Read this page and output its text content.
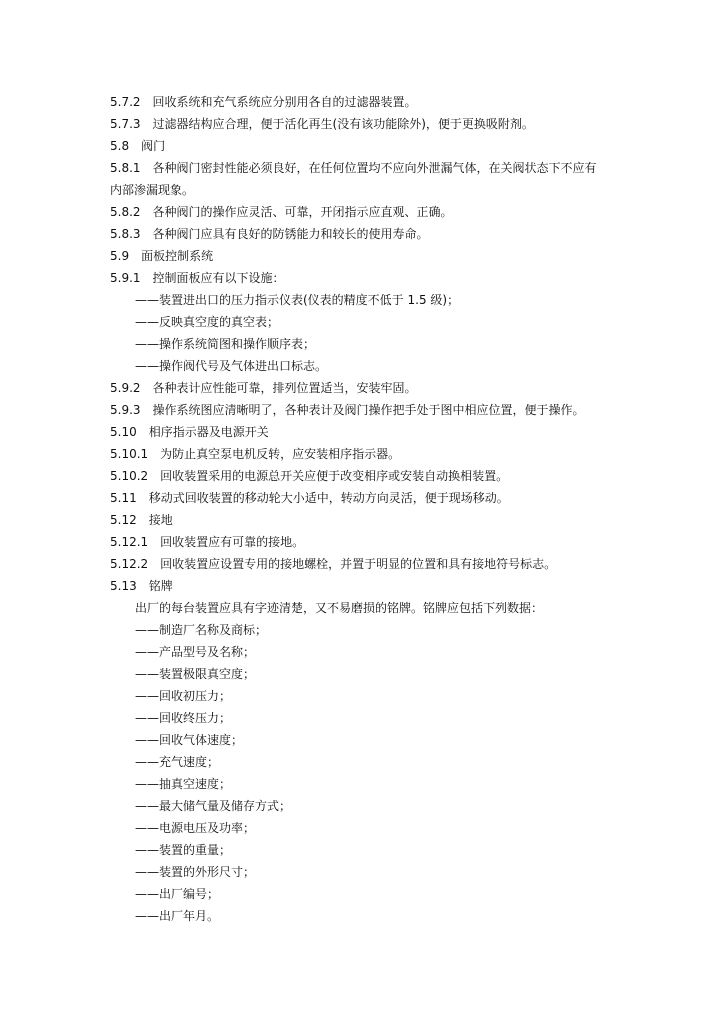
5.7.2　回收系统和充气系统应分别用各自的过滤器装置。
5.7.3　过滤器结构应合理，便于活化再生(没有该功能除外)，便于更换吸附剂。
5.8　阀门
5.8.1　各种阀门密封性能必须良好，在任何位置均不应向外泄漏气体，在关阀状态下不应有
内部渗漏现象。
5.8.2　各种阀门的操作应灵活、可靠，开闭指示应直观、正确。
5.8.3　各种阀门应具有良好的防锈能力和较长的使用寿命。
5.9　面板控制系统
5.9.1　控制面板应有以下设施：
——装置进出口的压力指示仪表(仪表的精度不低于 1.5 级)；
——反映真空度的真空表；
——操作系统简图和操作顺序表；
——操作阀代号及气体进出口标志。
5.9.2　各种表计应性能可靠，排列位置适当，安装牢固。
5.9.3　操作系统图应清晰明了，各种表计及阀门操作把手处于图中相应位置，便于操作。
5.10　相序指示器及电源开关
5.10.1　为防止真空泵电机反转，应安装相序指示器。
5.10.2　回收装置采用的电源总开关应便于改变相序或安装自动换相装置。
5.11　移动式回收装置的移动轮大小适中，转动方向灵活，便于现场移动。
5.12　接地
5.12.1　回收装置应有可靠的接地。
5.12.2　回收装置应设置专用的接地螺栓，并置于明显的位置和具有接地符号标志。
5.13　铭牌
出厂的每台装置应具有字迹清楚，又不易磨损的铭牌。铭牌应包括下列数据：
——制造厂名称及商标；
——产品型号及名称；
——装置极限真空度；
——回收初压力；
——回收终压力；
——回收气体速度；
——充气速度；
——抽真空速度；
——最大储气量及储存方式；
——电源电压及功率；
——装置的重量；
——装置的外形尺寸；
——出厂编号；
——出厂年月。
